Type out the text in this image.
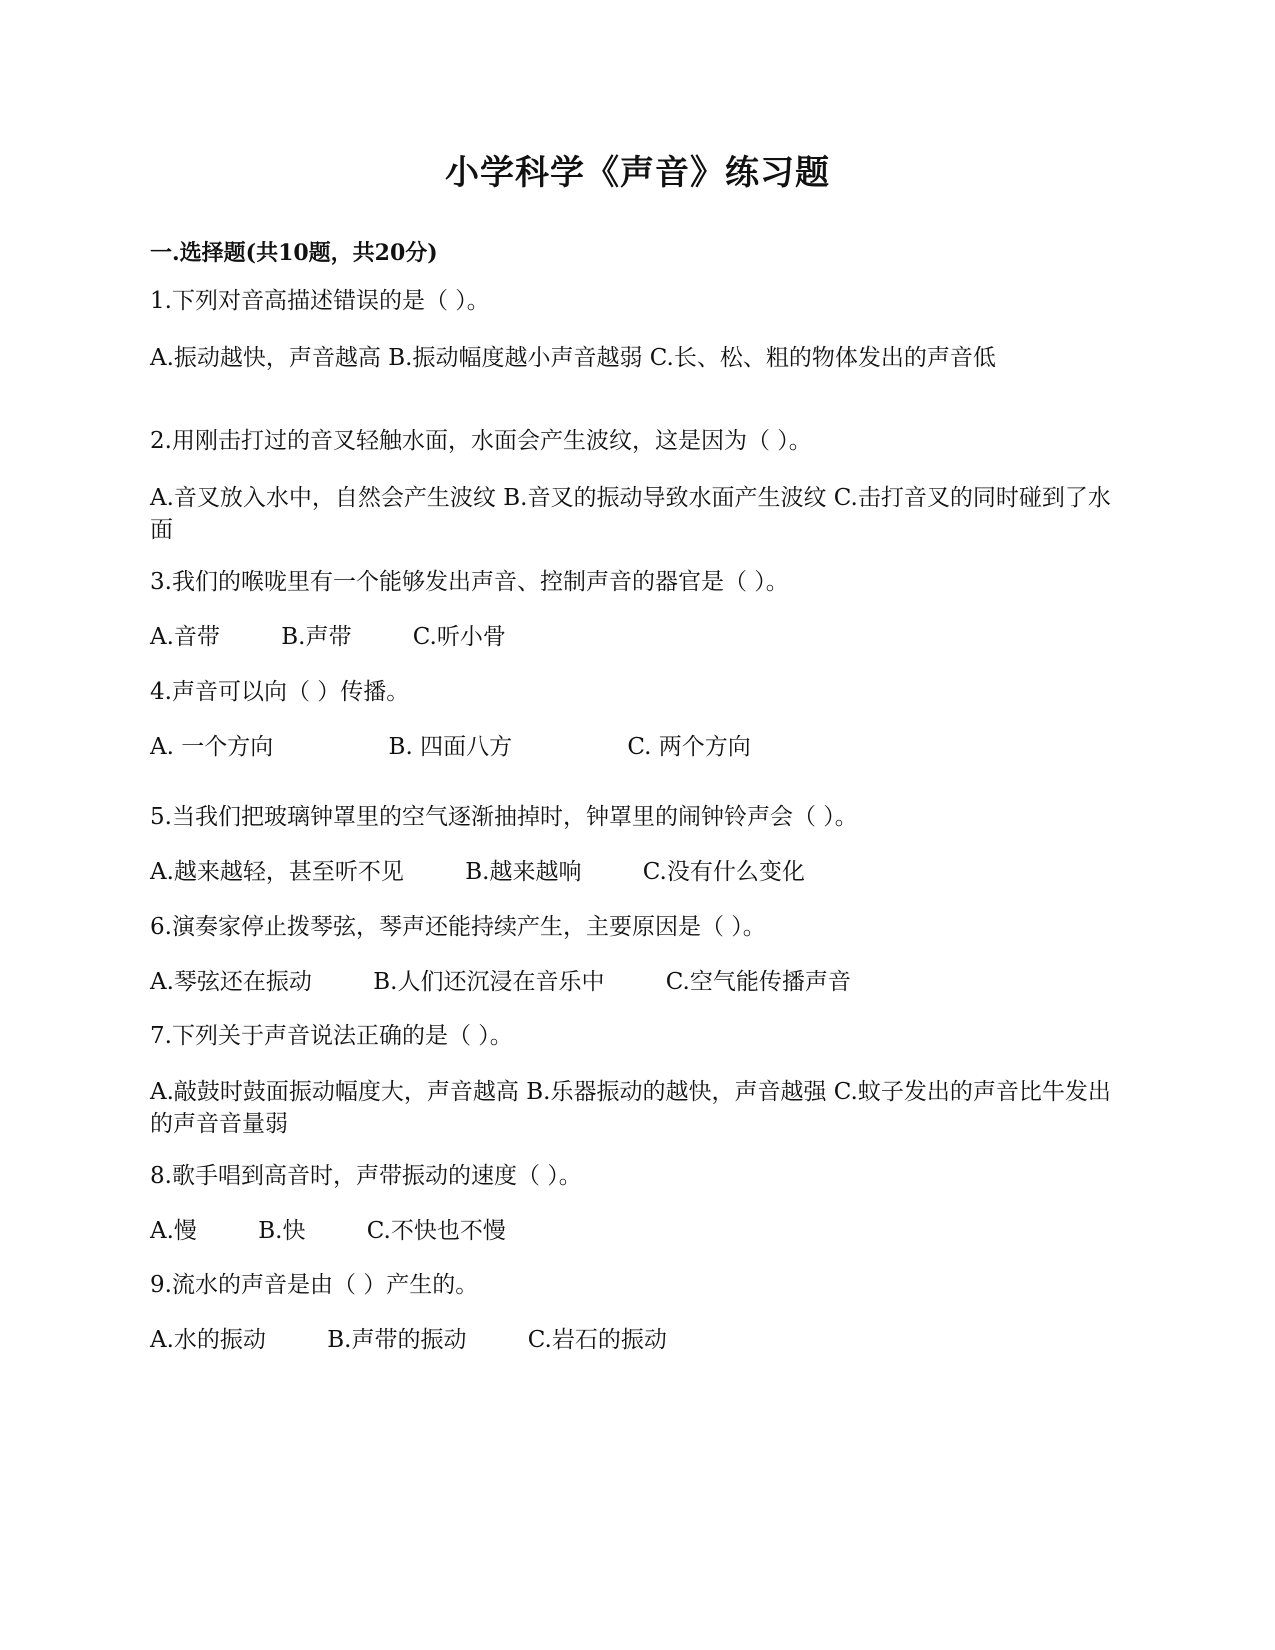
小学科学《声音》练习题
一.选择题(共10题，共20分)
1.下列对音高描述错误的是（ ）。
A.振动越快，声音越高 B.振动幅度越小声音越弱 C.长、松、粗的物体发出的声音低
2.用刚击打过的音叉轻触水面，水面会产生波纹，这是因为（ ）。
A.音叉放入水中，自然会产生波纹 B.音叉的振动导致水面产生波纹 C.击打音叉的同时碰到了水面
3.我们的喉咙里有一个能够发出声音、控制声音的器官是（ ）。
A.音带	B.声带	C.听小骨
4.声音可以向（ ）传播。
A. 一个方向	B. 四面八方	C. 两个方向
5.当我们把玻璃钟罩里的空气逐渐抽掉时，钟罩里的闹钟铃声会（ ）。
A.越来越轻，甚至听不见	B.越来越响	C.没有什么变化
6.演奏家停止拨琴弦，琴声还能持续产生，主要原因是（ ）。
A.琴弦还在振动	B.人们还沉浸在音乐中	C.空气能传播声音
7.下列关于声音说法正确的是（ ）。
A.敲鼓时鼓面振动幅度大，声音越高 B.乐器振动的越快，声音越强 C.蚊子发出的声音比牛发出的声音音量弱
8.歌手唱到高音时，声带振动的速度（ ）。
A.慢	B.快	C.不快也不慢
9.流水的声音是由（ ）产生的。
A.水的振动	B.声带的振动	C.岩石的振动
